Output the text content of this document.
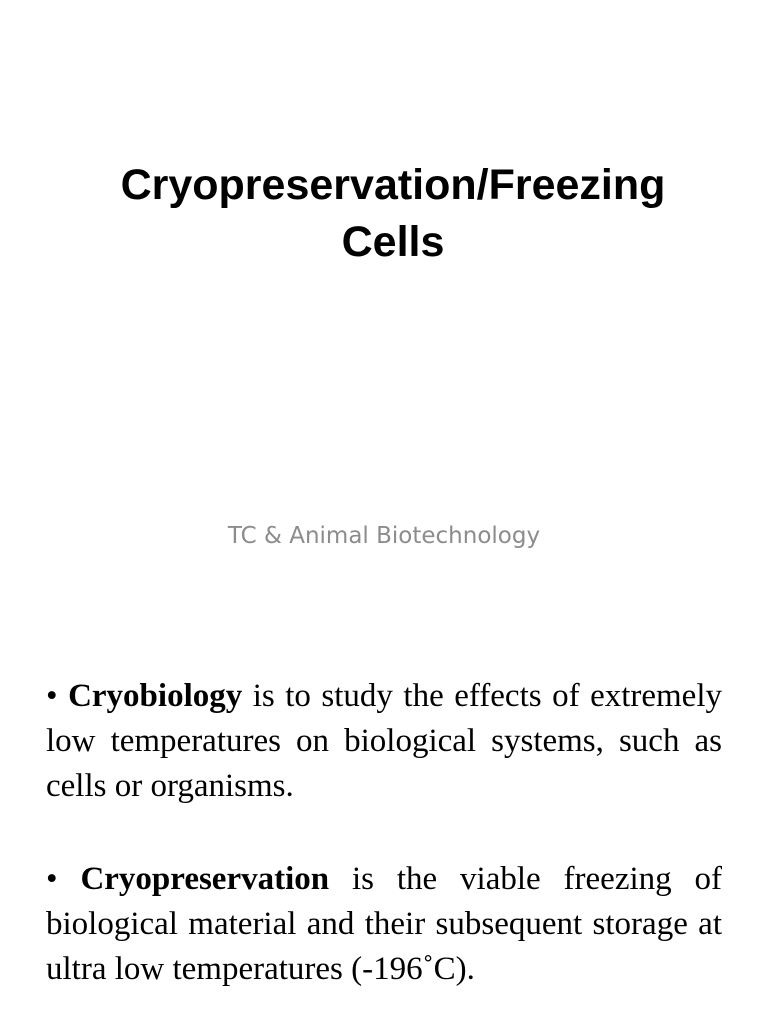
Cryopreservation/Freezing
Cells
TC & Animal Biotechnology
• Cryobiology is to study the effects of extremely low temperatures on biological systems, such as cells or organisms.
• Cryopreservation is the viable freezing of biological material and their subsequent storage at ultra low temperatures (-196˚C).
